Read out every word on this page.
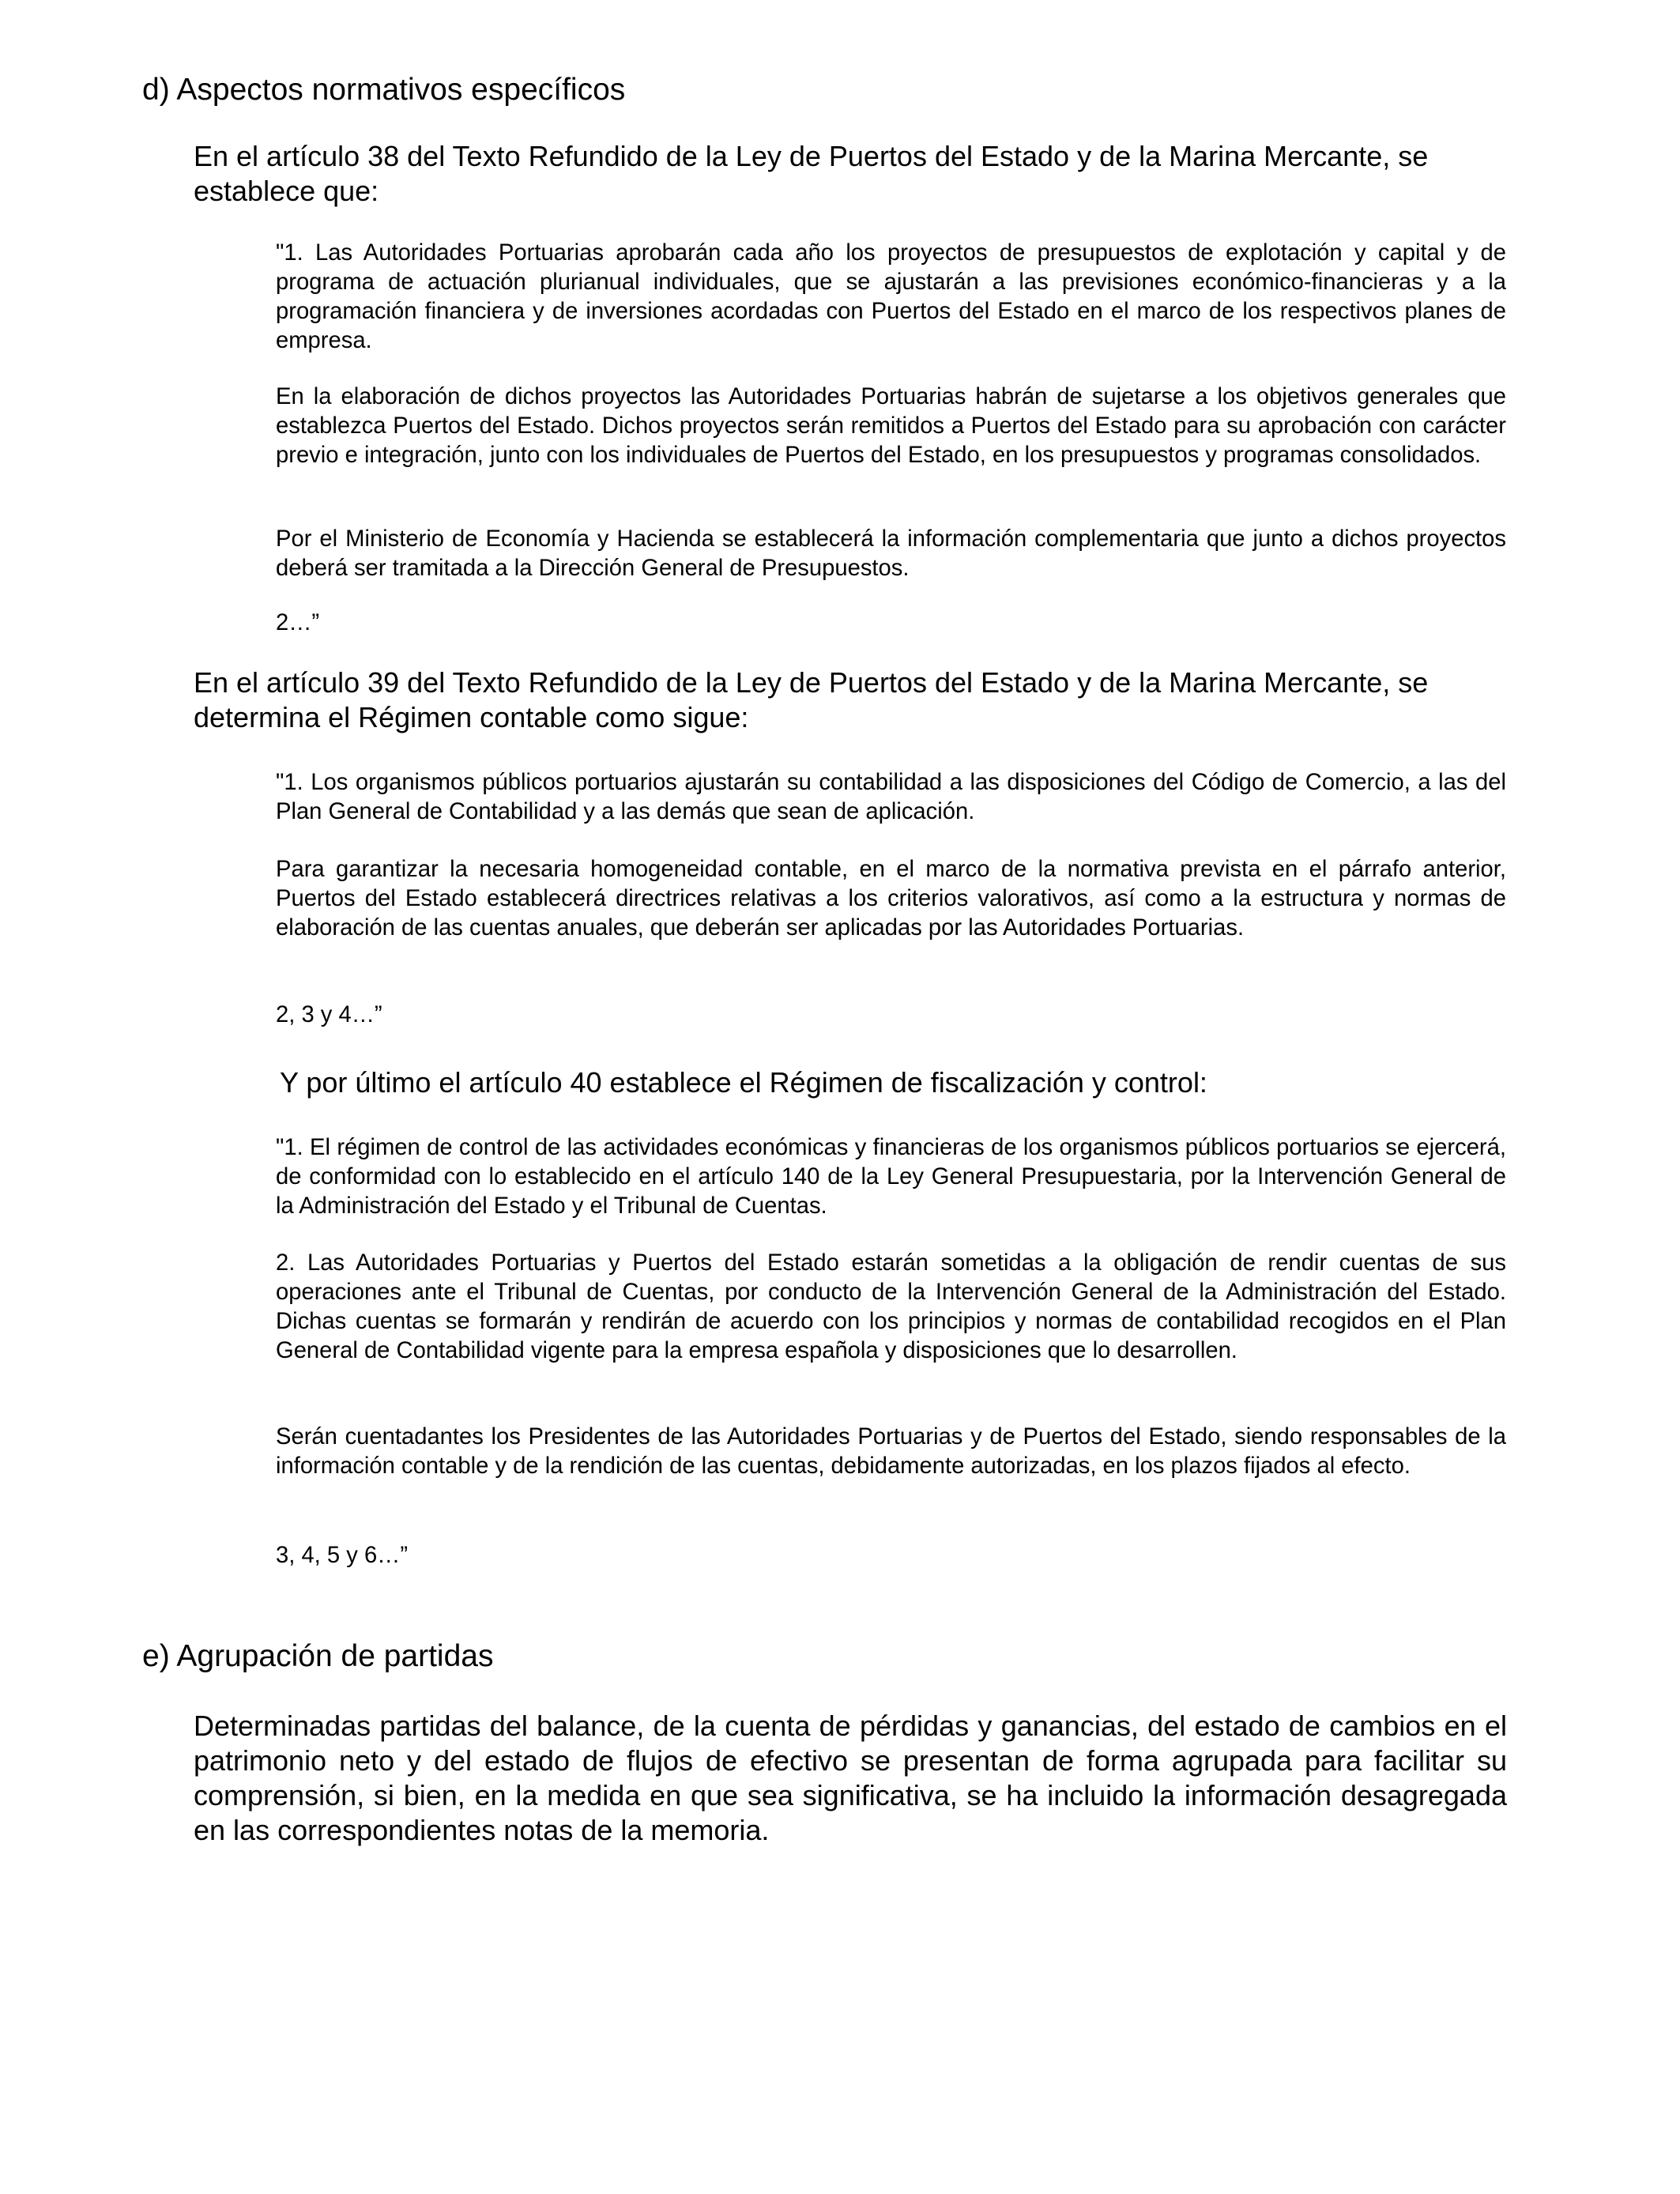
d) Aspectos normativos específicos

En el artículo 38 del Texto Refundido de la Ley de Puertos del Estado y de la Marina Mercante, se establece que:

"1. Las Autoridades Portuarias aprobarán cada año los proyectos de presupuestos de explotación y capital y de programa de actuación plurianual individuales, que se ajustarán a las previsiones económico-financieras y a la programación financiera y de inversiones acordadas con Puertos del Estado en el marco de los respectivos planes de empresa.

En la elaboración de dichos proyectos las Autoridades Portuarias habrán de sujetarse a los objetivos generales que establezca Puertos del Estado. Dichos proyectos serán remitidos a Puertos del Estado para su aprobación con carácter previo e integración, junto con los individuales de Puertos del Estado, en los presupuestos y programas consolidados.

Por el Ministerio de Economía y Hacienda se establecerá la información complementaria que junto a dichos proyectos deberá ser tramitada a la Dirección General de Presupuestos.

2…”

En el artículo 39 del Texto Refundido de la Ley de Puertos del Estado y de la Marina Mercante, se determina el Régimen contable como sigue:

"1. Los organismos públicos portuarios ajustarán su contabilidad a las disposiciones del Código de Comercio, a las del Plan General de Contabilidad y a las demás que sean de aplicación.

Para garantizar la necesaria homogeneidad contable, en el marco de la normativa prevista en el párrafo anterior, Puertos del Estado establecerá directrices relativas a los criterios valorativos, así como a la estructura y normas de elaboración de las cuentas anuales, que deberán ser aplicadas por las Autoridades Portuarias.

2, 3 y 4…”

Y por último el artículo 40 establece el Régimen de fiscalización y control:

"1. El régimen de control de las actividades económicas y financieras de los organismos públicos portuarios se ejercerá, de conformidad con lo establecido en el artículo 140 de la Ley General Presupuestaria, por la Intervención General de la Administración del Estado y el Tribunal de Cuentas.

2. Las Autoridades Portuarias y Puertos del Estado estarán sometidas a la obligación de rendir cuentas de sus operaciones ante el Tribunal de Cuentas, por conducto de la Intervención General de la Administración del Estado. Dichas cuentas se formarán y rendirán de acuerdo con los principios y normas de contabilidad recogidos en el Plan General de Contabilidad vigente para la empresa española y disposiciones que lo desarrollen.

Serán cuentadantes los Presidentes de las Autoridades Portuarias y de Puertos del Estado, siendo responsables de la información contable y de la rendición de las cuentas, debidamente autorizadas, en los plazos fijados al efecto.

3, 4, 5 y 6…”

e) Agrupación de partidas

Determinadas partidas del balance, de la cuenta de pérdidas y ganancias, del estado de cambios en el patrimonio neto y del estado de flujos de efectivo se presentan de forma agrupada para facilitar su comprensión, si bien, en la medida en que sea significativa, se ha incluido la información desagregada en las correspondientes notas de la memoria.
